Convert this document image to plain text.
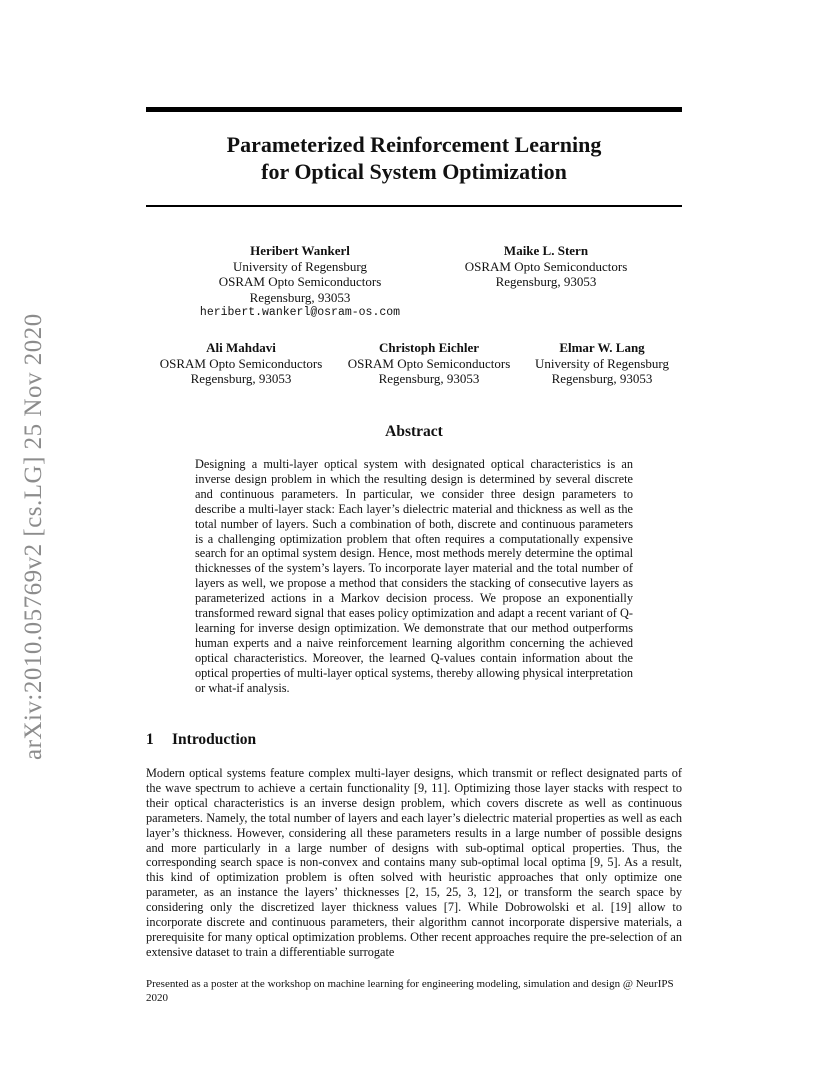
arXiv:2010.05769v2 [cs.LG] 25 Nov 2020
Parameterized Reinforcement Learning
for Optical System Optimization
Heribert Wankerl
University of Regensburg
OSRAM Opto Semiconductors
Regensburg, 93053
heribert.wankerl@osram-os.com
Maike L. Stern
OSRAM Opto Semiconductors
Regensburg, 93053
Ali Mahdavi
OSRAM Opto Semiconductors
Regensburg, 93053
Christoph Eichler
OSRAM Opto Semiconductors
Regensburg, 93053
Elmar W. Lang
University of Regensburg
Regensburg, 93053
Abstract

Designing a multi-layer optical system with designated optical characteristics is an inverse design problem in which the resulting design is determined by several discrete and continuous parameters. In particular, we consider three design parameters to describe a multi-layer stack: Each layer’s dielectric material and thickness as well as the total number of layers. Such a combination of both, discrete and continuous parameters is a challenging optimization problem that often requires a computationally expensive search for an optimal system design. Hence, most methods merely determine the optimal thicknesses of the system’s layers. To incorporate layer material and the total number of layers as well, we propose a method that considers the stacking of consecutive layers as parameterized actions in a Markov decision process. We propose an exponentially transformed reward signal that eases policy optimization and adapt a recent variant of Q-learning for inverse design optimization. We demonstrate that our method outperforms human experts and a naive reinforcement learning algorithm concerning the achieved optical characteristics. Moreover, the learned Q-values contain information about the optical properties of multi-layer optical systems, thereby allowing physical interpretation or what-if analysis.

1 Introduction

Modern optical systems feature complex multi-layer designs, which transmit or reflect designated parts of the wave spectrum to achieve a certain functionality [9, 11]. Optimizing those layer stacks with respect to their optical characteristics is an inverse design problem, which covers discrete as well as continuous parameters. Namely, the total number of layers and each layer’s dielectric material properties as well as each layer’s thickness. However, considering all these parameters results in a large number of possible designs and more particularly in a large number of designs with sub-optimal optical properties. Thus, the corresponding search space is non-convex and contains many sub-optimal local optima [9, 5]. As a result, this kind of optimization problem is often solved with heuristic approaches that only optimize one parameter, as an instance the layers’ thicknesses [2, 15, 25, 3, 12], or transform the search space by considering only the discretized layer thickness values [7]. While Dobrowolski et al. [19] allow to incorporate discrete and continuous parameters, their algorithm cannot incorporate dispersive materials, a prerequisite for many optical optimization problems. Other recent approaches require the pre-selection of an extensive dataset to train a differentiable surrogate

Presented as a poster at the workshop on machine learning for engineering modeling, simulation and design @ NeurIPS 2020
